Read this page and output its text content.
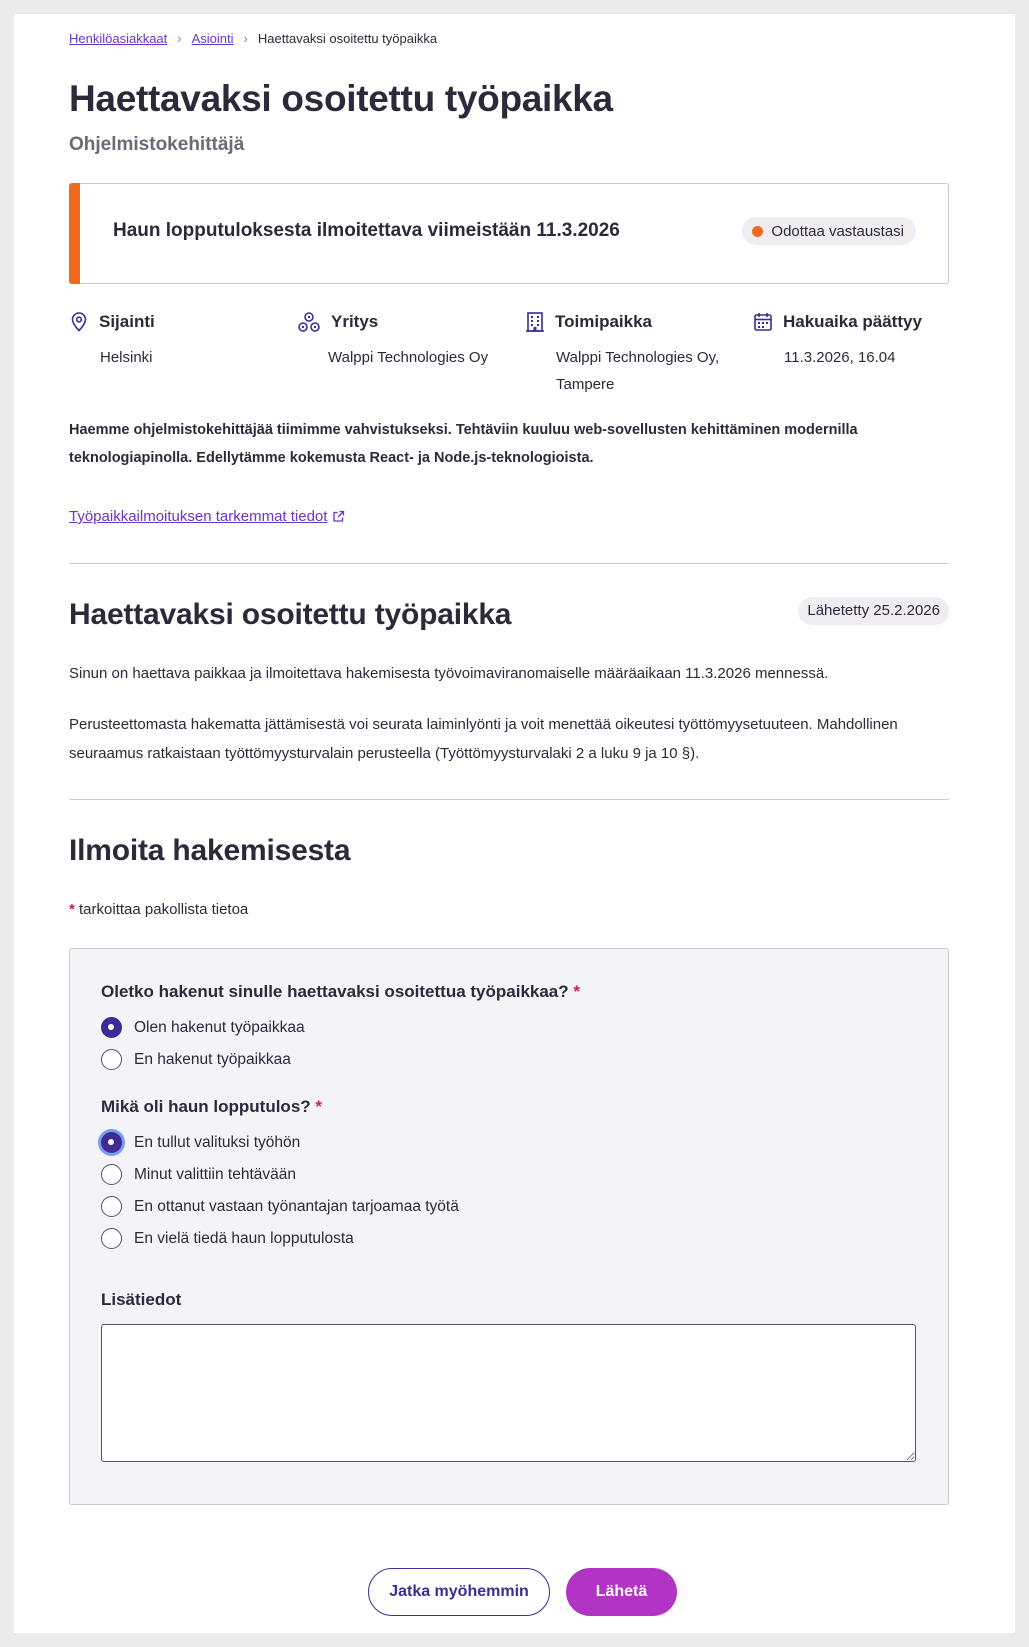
Henkilöasiakkaat › Asiointi › Haettavaksi osoitettu työpaikka
Haettavaksi osoitettu työpaikka
Ohjelmistokehittäjä
Haun lopputuloksesta ilmoitettava viimeistään 11.3.2026	Odottaa vastaustasi
Sijainti
Helsinki
Yritys
Walppi Technologies Oy
Toimipaikka
Walppi Technologies Oy, Tampere
Hakuaika päättyy
11.3.2026, 16.04

Haemme ohjelmistokehittäjää tiimimme vahvistukseksi. Tehtäviin kuuluu web-sovellusten kehittäminen modernilla teknologiapinolla. Edellytämme kokemusta React- ja Node.js-teknologioista.

Työpaikkailmoituksen tarkemmat tiedot
Haettavaksi osoitettu työpaikka	Lähetetty 25.2.2026

Sinun on haettava paikkaa ja ilmoitettava hakemisesta työvoimaviranomaiselle määräaikaan 11.3.2026 mennessä.

Perusteettomasta hakematta jättämisestä voi seurata laiminlyönti ja voit menettää oikeutesi työttömyysetuuteen. Mahdollinen seuraamus ratkaistaan työttömyysturvalain perusteella (Työttömyysturvalaki 2 a luku 9 ja 10 §).

Ilmoita hakemisesta
* tarkoittaa pakollista tietoa
Oletko hakenut sinulle haettavaksi osoitettua työpaikkaa? *
Olen hakenut työpaikkaa
En hakenut työpaikkaa
Mikä oli haun lopputulos? *
En tullut valituksi työhön
Minut valittiin tehtävään
En ottanut vastaan työnantajan tarjoamaa työtä
En vielä tiedä haun lopputulosta
Lisätiedot
Jatka myöhemmin	Lähetä
